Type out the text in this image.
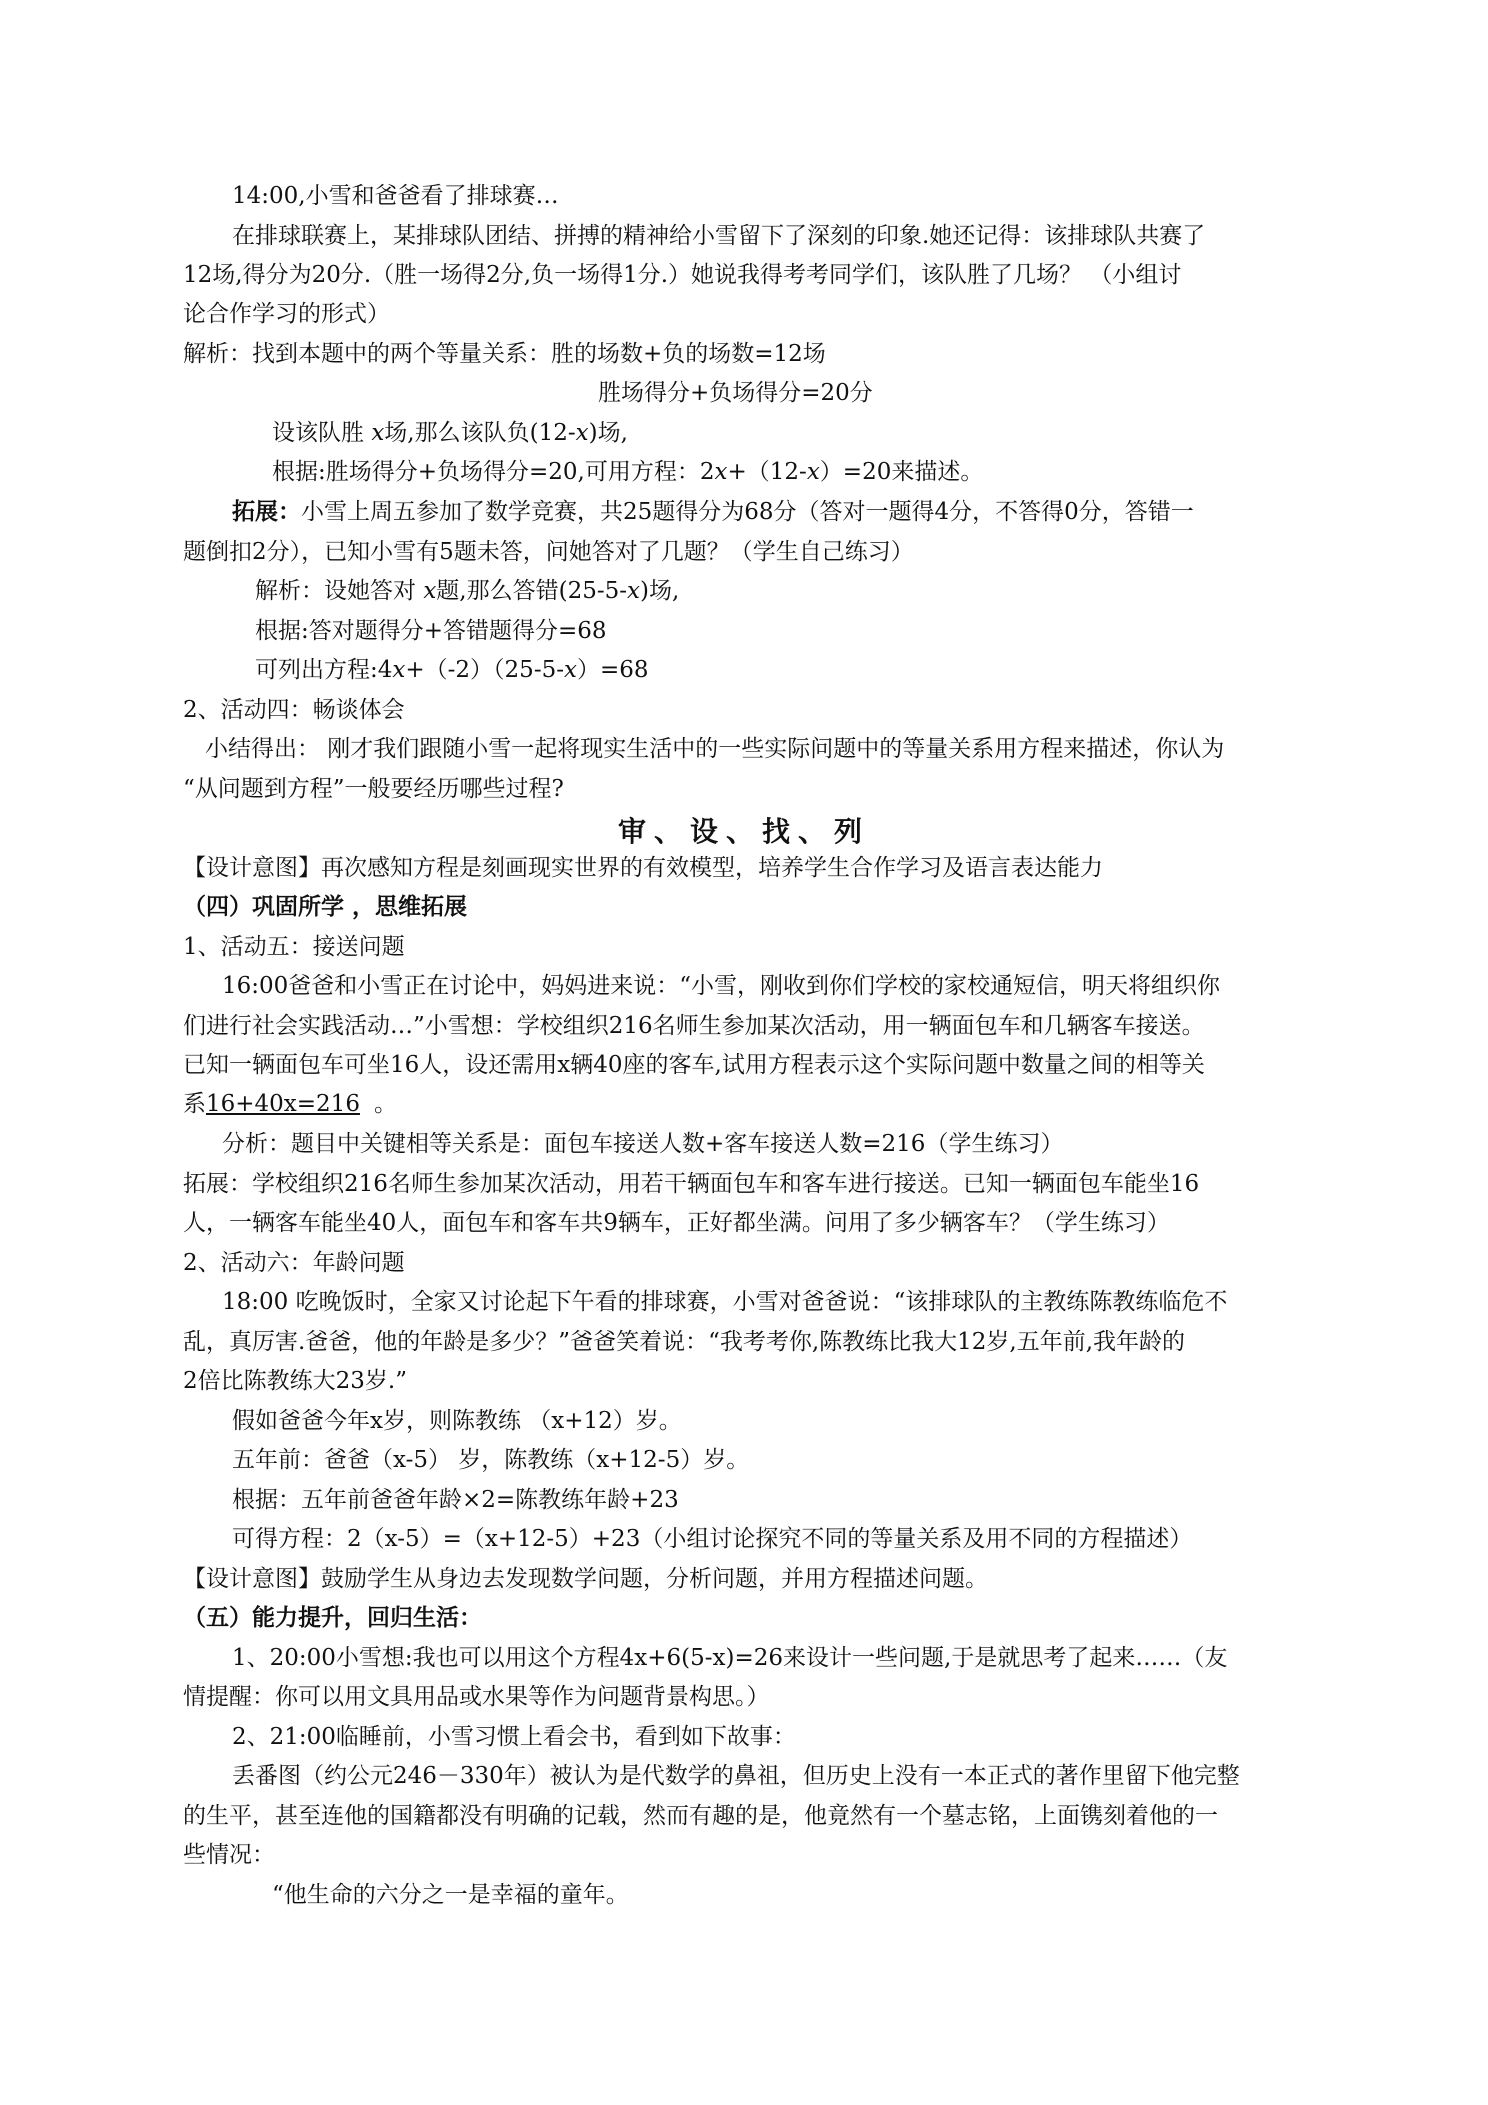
14:00,小雪和爸爸看了排球赛…
在排球联赛上，某排球队团结、拼搏的精神给小雪留下了深刻的印象.她还记得：该排球队共赛了
12场,得分为20分.（胜一场得2分,负一场得1分.）她说我得考考同学们，该队胜了几场？ （小组讨
论合作学习的形式）
解析：找到本题中的两个等量关系：胜的场数+负的场数=12场
胜场得分+负场得分=20分
设该队胜 x场,那么该队负(12-x)场,
根据:胜场得分+负场得分=20,可用方程：2x+（12-x）=20来描述。
拓展：小雪上周五参加了数学竞赛，共25题得分为68分（答对一题得4分，不答得0分，答错一
题倒扣2分），已知小雪有5题未答，问她答对了几题？（学生自己练习）
解析：设她答对 x题,那么答错(25-5-x)场,
根据:答对题得分+答错题得分=68
可列出方程:4x+（-2）（25-5-x）=68
2、活动四：畅谈体会
小结得出： 刚才我们跟随小雪一起将现实生活中的一些实际问题中的等量关系用方程来描述，你认为
“从问题到方程”一般要经历哪些过程?
审、设、找、列
【设计意图】再次感知方程是刻画现实世界的有效模型，培养学生合作学习及语言表达能力
（四）巩固所学 ，思维拓展
1、活动五：接送问题
16:00爸爸和小雪正在讨论中，妈妈进来说：“小雪，刚收到你们学校的家校通短信，明天将组织你
们进行社会实践活动…”小雪想：学校组织216名师生参加某次活动，用一辆面包车和几辆客车接送。
已知一辆面包车可坐16人，设还需用x辆40座的客车,试用方程表示这个实际问题中数量之间的相等关
系16+40x=216 。
分析：题目中关键相等关系是：面包车接送人数+客车接送人数=216（学生练习）
拓展：学校组织216名师生参加某次活动，用若干辆面包车和客车进行接送。已知一辆面包车能坐16
人，一辆客车能坐40人，面包车和客车共9辆车，正好都坐满。问用了多少辆客车？（学生练习）
2、活动六：年龄问题
18:00 吃晚饭时，全家又讨论起下午看的排球赛，小雪对爸爸说：“该排球队的主教练陈教练临危不
乱，真厉害.爸爸，他的年龄是多少？”爸爸笑着说：“我考考你,陈教练比我大12岁,五年前,我年龄的
2倍比陈教练大23岁.”
假如爸爸今年x岁，则陈教练 （x+12）岁。
五年前：爸爸（x-5） 岁，陈教练（x+12-5）岁。
根据：五年前爸爸年龄×2=陈教练年龄+23
可得方程：2（x-5）=（x+12-5）+23（小组讨论探究不同的等量关系及用不同的方程描述）
【设计意图】鼓励学生从身边去发现数学问题，分析问题，并用方程描述问题。
（五）能力提升，回归生活：
1、20:00小雪想:我也可以用这个方程4x+6(5-x)=26来设计一些问题,于是就思考了起来……（友
情提醒：你可以用文具用品或水果等作为问题背景构思。）
2、21:00临睡前，小雪习惯上看会书，看到如下故事：
丢番图（约公元246－330年）被认为是代数学的鼻祖，但历史上没有一本正式的著作里留下他完整
的生平，甚至连他的国籍都没有明确的记载，然而有趣的是，他竟然有一个墓志铭，上面镌刻着他的一
些情况：
“他生命的六分之一是幸福的童年。
